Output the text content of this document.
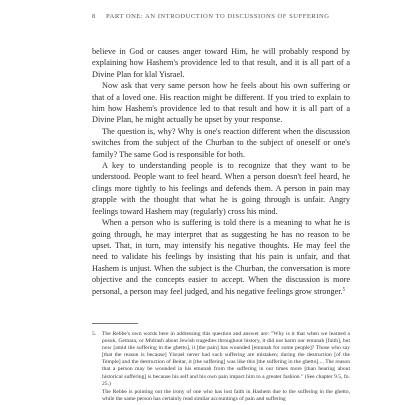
8 PART ONE: AN INTRODUCTION TO DISCUSSIONS OF SUFFERING

believe in God or causes anger toward Him, he will probably respond by explaining how Hashem's providence led to that result, and it is all part of a Divine Plan for klal Yisrael.

Now ask that very same person how he feels about his own suffering or that of a loved one. His reaction might be different. If you tried to explain to him how Hashem's providence led to that result and how it is all part of a Divine Plan, he might actually be upset by your response.

The question is, why? Why is one's reaction different when the discussion switches from the subject of the Churban to the subject of oneself or one's family? The same God is responsible for both.

A key to understanding people is to recognize that they want to be understood. People want to feel heard. When a person doesn't feel heard, he clings more tightly to his feelings and defends them. A person in pain may grapple with the thought that what he is going through is unfair. Angry feelings toward Hashem may (regularly) cross his mind.

When a person who is suffering is told there is a meaning to what he is going through, he may interpret that as suggesting he has no reason to be upset. That, in turn, may intensify his negative thoughts. He may feel the need to validate his feelings by insisting that his pain is unfair, and that Hashem is unjust. When the subject is the Churban, the conversation is more objective and the concepts easier to accept. When the discussion is more personal, a person may feel judged, and his negative feelings grow stronger.$^5$

5. The Rebbe's own words here in addressing this question and answer are: "Why is it that when we learned a posuk, Gemara, or Midrash about Jewish tragedies throughout history, it did not harm our emunah [faith], but now [amid the suffering in the ghetto], it [the pain] has wounded [emunah for some people]? Those who say [that the reason is because] Yisrael never had such suffering are mistaken; during the destruction [of the Temple] and the destruction of Beitar, it [the suffering] was like this [the suffering in the ghetto].... The reason that a person may be wounded in his emunah from the suffering in our times more [than hearing about historical suffering] is because his self and his own pain impact him to a greater fashion." (See chapter 9.5, fn. 25.)
The Rebbe is pointing out the irony of one who has lost faith in Hashem due to the suffering in the ghetto, while the same person has certainly read similar accountings of pain and suffering
